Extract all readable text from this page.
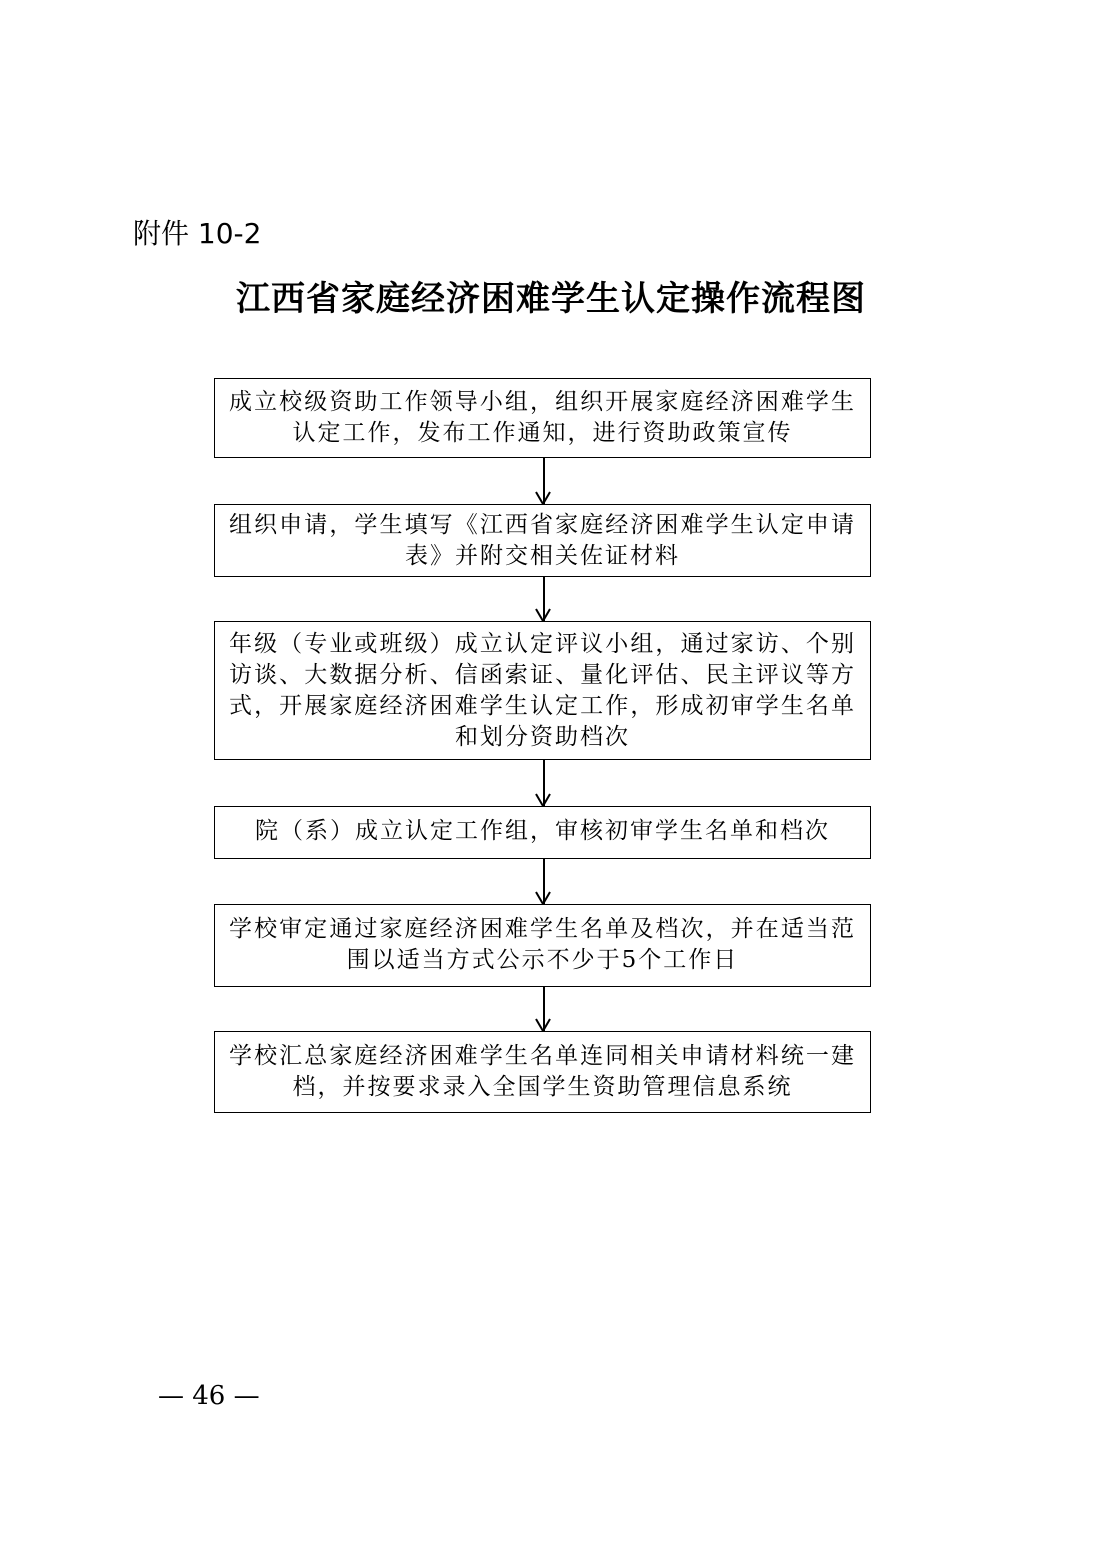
附件 10-2
江西省家庭经济困难学生认定操作流程图
成立校级资助工作领导小组，组织开展家庭经济困难学生认定工作，发布工作通知，进行资助政策宣传
组织申请，学生填写《江西省家庭经济困难学生认定申请表》并附交相关佐证材料
年级（专业或班级）成立认定评议小组，通过家访、个别访谈、大数据分析、信函索证、量化评估、民主评议等方式，开展家庭经济困难学生认定工作，形成初审学生名单和划分资助档次
院（系）成立认定工作组，审核初审学生名单和档次
学校审定通过家庭经济困难学生名单及档次，并在适当范围以适当方式公示不少于5个工作日
学校汇总家庭经济困难学生名单连同相关申请材料统一建档，并按要求录入全国学生资助管理信息系统
— 46 —
